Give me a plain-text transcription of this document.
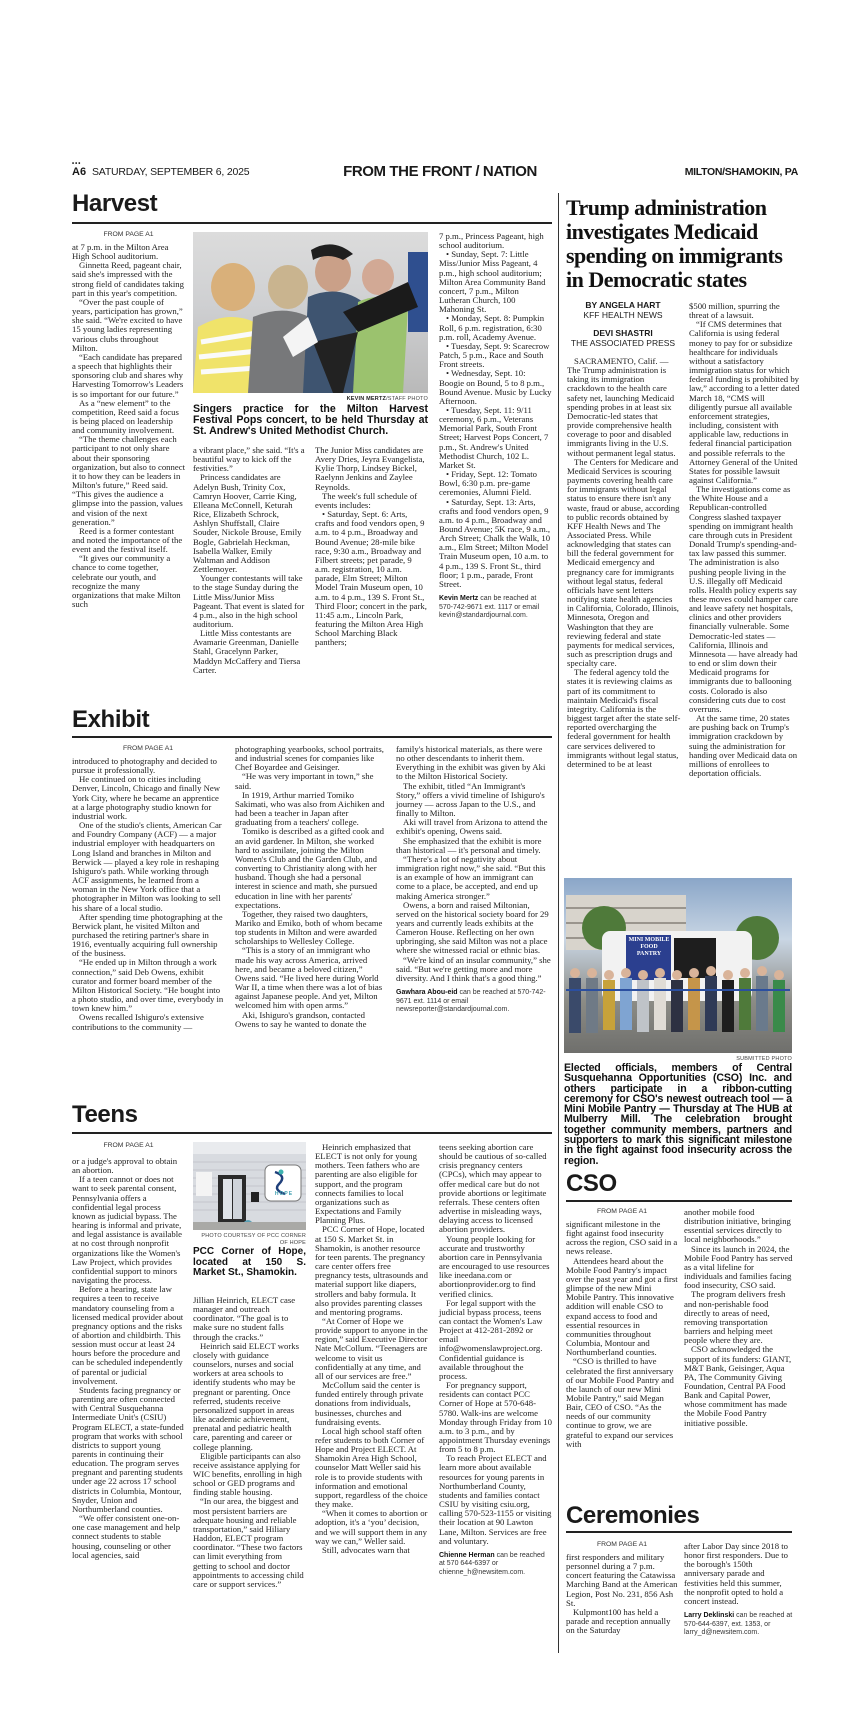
•••
A6 SATURDAY, SEPTEMBER 6, 2025	FROM THE FRONT / NATION	MILTON/SHAMOKIN, PA
Harvest
FROM PAGE A1
KEVIN MERTZ/STAFF PHOTO
Singers practice for the Milton Harvest Festival Pops concert, to be held Thursday at St. Andrew's United Methodist Church.

at 7 p.m. in the Milton Area High School auditorium.

Ginnetta Reed, pageant chair, said she's impressed with the strong field of candidates taking part in this year's competition.

“Over the past couple of years, participation has grown,” she said. “We're excited to have 15 young ladies representing various clubs throughout Milton.

“Each candidate has prepared a speech that highlights their sponsoring club and shares why Harvesting Tomorrow's Leaders is so important for our future.”

As a “new element” to the competition, Reed said a focus is being placed on leadership and community involvement.

“The theme challenges each participant to not only share about their sponsoring organization, but also to connect it to how they can be leaders in Milton's future,” Reed said. “This gives the audience a glimpse into the passion, values and vision of the next generation.”

Reed is a former contestant and noted the importance of the event and the festival itself.

“It gives our community a chance to come together, celebrate our youth, and recognize the many organizations that make Milton such

a vibrant place,” she said. “It's a beautiful way to kick off the festivities.”

Princess candidates are Adelyn Bush, Trinity Cox, Camryn Hoover, Carrie King, Elleana McConnell, Keturah Rice, Elizabeth Schrock, Ashlyn Shuffstall, Claire Souder, Nickole Brouse, Emily Bogle, Gabrielah Heckman, Isabella Walker, Emily Waltman and Addison Zettlemoyer.

Younger contestants will take to the stage Sunday during the Little Miss/Junior Miss Pageant. That event is slated for 4 p.m., also in the high school auditorium.

Little Miss contestants are Avamarie Greenman, Danielle Stahl, Gracelynn Parker, Maddyn McCaffery and Tiersa Carter.

The Junior Miss candidates are Avery Dries, Jeyra Evangelista, Kylie Thorp, Lindsey Bickel, Raelynn Jenkins and Zaylee Reynolds.

The week's full schedule of events includes:

• Saturday, Sept. 6: Arts, crafts and food vendors open, 9 a.m. to 4 p.m., Broadway and Bound Avenue; 28-mile bike race, 9:30 a.m., Broadway and Filbert streets; pet parade, 9 a.m. registration, 10 a.m. parade, Elm Street; Milton Model Train Museum open, 10 a.m. to 4 p.m., 139 S. Front St., Third Floor; concert in the park, 11:45 a.m., Lincoln Park, featuring the Milton Area High School Marching Black panthers;

7 p.m., Princess Pageant, high school auditorium.

• Sunday, Sept. 7: Little Miss/Junior Miss Pageant, 4 p.m., high school auditorium; Milton Area Community Band concert, 7 p.m., Milton Lutheran Church, 100 Mahoning St.

• Monday, Sept. 8: Pumpkin Roll, 6 p.m. registration, 6:30 p.m. roll, Academy Avenue.

• Tuesday, Sept. 9: Scarecrow Patch, 5 p.m., Race and South Front streets.

• Wednesday, Sept. 10: Boogie on Bound, 5 to 8 p.m., Bound Avenue. Music by Lucky Afternoon.

• Tuesday, Sept. 11: 9/11 ceremony, 6 p.m., Veterans Memorial Park, South Front Street; Harvest Pops Concert, 7 p.m., St. Andrew's United Methodist Church, 102 L. Market St.

• Friday, Sept. 12: Tomato Bowl, 6:30 p.m. pre-game ceremonies, Alumni Field.

• Saturday, Sept. 13: Arts, crafts and food vendors open, 9 a.m. to 4 p.m., Broadway and Bound Avenue; 5K race, 9 a.m., Arch Street; Chalk the Walk, 10 a.m., Elm Street; Milton Model Train Museum open, 10 a.m. to 4 p.m., 139 S. Front St., third floor; 1 p.m., parade, Front Street.

Kevin Mertz can be reached at 570-742-9671 ext. 1117 or email kevin@standardjournal.com.
Exhibit
FROM PAGE A1

introduced to photography and decided to pursue it professionally.

He continued on to cities including Denver, Lincoln, Chicago and finally New York City, where he became an apprentice at a large photography studio known for industrial work.

One of the studio's clients, American Car and Foundry Company (ACF) — a major industrial employer with headquarters on Long Island and branches in Milton and Berwick — played a key role in reshaping Ishiguro's path. While working through ACF assignments, he learned from a woman in the New York office that a photographer in Milton was looking to sell his share of a local studio.

After spending time photographing at the Berwick plant, he visited Milton and purchased the retiring partner's share in 1916, eventually acquiring full ownership of the business.

“He ended up in Milton through a work connection,” said Deb Owens, exhibit curator and former board member of the Milton Historical Society. “He bought into a photo studio, and over time, everybody in town knew him.”

Owens recalled Ishiguro's extensive contributions to the community —

photographing yearbooks, school portraits, and industrial scenes for companies like Chef Boyardee and Geisinger.

“He was very important in town,” she said.

In 1919, Arthur married Tomiko Sakimati, who was also from Aichiken and had been a teacher in Japan after graduating from a teachers' college.

Tomiko is described as a gifted cook and an avid gardener. In Milton, she worked hard to assimilate, joining the Milton Women's Club and the Garden Club, and converting to Christianity along with her husband. Though she had a personal interest in science and math, she pursued education in line with her parents' expectations.

Together, they raised two daughters, Mariko and Emiko, both of whom became top students in Milton and were awarded scholarships to Wellesley College.

“This is a story of an immigrant who made his way across America, arrived here, and became a beloved citizen,” Owens said. “He lived here during World War II, a time when there was a lot of bias against Japanese people. And yet, Milton welcomed him with open arms.”

Aki, Ishiguro's grandson, contacted Owens to say he wanted to donate the

family's historical materials, as there were no other descendants to inherit them. Everything in the exhibit was given by Aki to the Milton Historical Society.

The exhibit, titled “An Immigrant's Story,” offers a vivid timeline of Ishiguro's journey — across Japan to the U.S., and finally to Milton.

Aki will travel from Arizona to attend the exhibit's opening, Owens said.

She emphasized that the exhibit is more than historical — it's personal and timely.

“There's a lot of negativity about immigration right now,” she said. “But this is an example of how an immigrant can come to a place, be accepted, and end up making America stronger.”

Owens, a born and raised Miltonian, served on the historical society board for 29 years and currently leads exhibits at the Cameron House. Reflecting on her own upbringing, she said Milton was not a place where she witnessed racial or ethnic bias.

“We're kind of an insular community,” she said. “But we're getting more and more diversity. And I think that's a good thing.”

Gawhara Abou-eid can be reached at 570-742-9671 ext. 1114 or email newsreporter@standardjournal.com.
Teens
FROM PAGE A1
HOPE
PHOTO COURTESY OF PCC CORNER OF HOPE
PCC Corner of Hope, located at 150 S. Market St., Shamokin.

or a judge's approval to obtain an abortion.

If a teen cannot or does not want to seek parental consent, Pennsylvania offers a confidential legal process known as judicial bypass. The hearing is informal and private, and legal assistance is available at no cost through nonprofit organizations like the Women's Law Project, which provides confidential support to minors navigating the process.

Before a hearing, state law requires a teen to receive mandatory counseling from a licensed medical provider about pregnancy options and the risks of abortion and childbirth. This session must occur at least 24 hours before the procedure and can be scheduled independently of parental or judicial involvement.

Students facing pregnancy or parenting are often connected with Central Susquehanna Intermediate Unit's (CSIU) Program ELECT, a state-funded program that works with school districts to support young parents in continuing their education. The program serves pregnant and parenting students under age 22 across 17 school districts in Columbia, Montour, Snyder, Union and Northumberland counties.

“We offer consistent one-on-one case management and help connect students to stable housing, counseling or other local agencies, said

Jillian Heinrich, ELECT case manager and outreach coordinator. “The goal is to make sure no student falls through the cracks.”

Heinrich said ELECT works closely with guidance counselors, nurses and social workers at area schools to identify students who may be pregnant or parenting. Once referred, students receive personalized support in areas like academic achievement, prenatal and pediatric health care, parenting and career or college planning.

Eligible participants can also receive assistance applying for WIC benefits, enrolling in high school or GED programs and finding stable housing.

“In our area, the biggest and most persistent barriers are adequate housing and reliable transportation,” said Hiliary Haddon, ELECT program coordinator. “These two factors can limit everything from getting to school and doctor appointments to accessing child care or support services.”

Heinrich emphasized that ELECT is not only for young mothers. Teen fathers who are parenting are also eligible for support, and the program connects families to local organizations such as Expectations and Family Planning Plus.

PCC Corner of Hope, located at 150 S. Market St. in Shamokin, is another resource for teen parents. The pregnancy care center offers free pregnancy tests, ultrasounds and material support like diapers, strollers and baby formula. It also provides parenting classes and mentoring programs.

“At Corner of Hope we provide support to anyone in the region,” said Executive Director Nate McCollum. “Teenagers are welcome to visit us confidentially at any time, and all of our services are free.”

McCollum said the center is funded entirely through private donations from individuals, businesses, churches and fundraising events.

Local high school staff often refer students to both Corner of Hope and Project ELECT. At Shamokin Area High School, counselor Matt Weller said his role is to provide students with information and emotional support, regardless of the choice they make.

“When it comes to abortion or adoption, it's a ‘you’ decision, and we will support them in any way we can,” Weller said.

Still, advocates warn that

teens seeking abortion care should be cautious of so-called crisis pregnancy centers (CPCs), which may appear to offer medical care but do not provide abortions or legitimate referrals. These centers often advertise in misleading ways, delaying access to licensed abortion providers.

Young people looking for accurate and trustworthy abortion care in Pennsylvania are encouraged to use resources like ineedana.com or abortionprovider.org to find verified clinics.

For legal support with the judicial bypass process, teens can contact the Women's Law Project at 412-281-2892 or email info@womenslawproject.org. Confidential guidance is available throughout the process.

For pregnancy support, residents can contact PCC Corner of Hope at 570-648-5780. Walk-ins are welcome Monday through Friday from 10 a.m. to 3 p.m., and by appointment Thursday evenings from 5 to 8 p.m.

To reach Project ELECT and learn more about available resources for young parents in Northumberland County, students and families contact CSIU by visiting csiu.org, calling 570-523-1155 or visiting their location at 90 Lawton Lane, Milton. Services are free and voluntary.

Chienne Herman can be reached at 570 644-6397 or chienne_h@newsitem.com.
Trump administration investigates Medicaid spending on immigrants in Democratic states
BY ANGELA HART
KFF HEALTH NEWS
DEVI SHASTRI
THE ASSOCIATED PRESS

SACRAMENTO, Calif. — The Trump administration is taking its immigration crackdown to the health care safety net, launching Medicaid spending probes in at least six Democratic-led states that provide comprehensive health coverage to poor and disabled immigrants living in the U.S. without permanent legal status.

The Centers for Medicare and Medicaid Services is scouring payments covering health care for immigrants without legal status to ensure there isn't any waste, fraud or abuse, according to public records obtained by KFF Health News and The Associated Press. While acknowledging that states can bill the federal government for Medicaid emergency and pregnancy care for immigrants without legal status, federal officials have sent letters notifying state health agencies in California, Colorado, Illinois, Minnesota, Oregon and Washington that they are reviewing federal and state payments for medical services, such as prescription drugs and specialty care.

The federal agency told the states it is reviewing claims as part of its commitment to maintain Medicaid's fiscal integrity. California is the biggest target after the state self-reported overcharging the federal government for health care services delivered to immigrants without legal status, determined to be at least

$500 million, spurring the threat of a lawsuit.

“If CMS determines that California is using federal money to pay for or subsidize healthcare for individuals without a satisfactory immigration status for which federal funding is prohibited by law,” according to a letter dated March 18, “CMS will diligently pursue all available enforcement strategies, including, consistent with applicable law, reductions in federal financial participation and possible referrals to the Attorney General of the United States for possible lawsuit against California.”

The investigations come as the White House and a Republican-controlled Congress slashed taxpayer spending on immigrant health care through cuts in President Donald Trump's spending-and-tax law passed this summer. The administration is also pushing people living in the U.S. illegally off Medicaid rolls. Health policy experts say these moves could hamper care and leave safety net hospitals, clinics and other providers financially vulnerable. Some Democratic-led states — California, Illinois and Minnesota — have already had to end or slim down their Medicaid programs for immigrants due to ballooning costs. Colorado is also considering cuts due to cost overruns.

At the same time, 20 states are pushing back on Trump's immigration crackdown by suing the administration for handing over Medicaid data on millions of enrollees to deportation officials.

MINI MOBILE FOOD PANTRY
SUBMITTED PHOTO
Elected officials, members of Central Susquehanna Opportunities (CSO) Inc. and others participate in a ribbon-cutting ceremony for CSO's newest outreach tool — a Mini Mobile Pantry — Thursday at The HUB at Mulberry Mill. The celebration brought together community members, partners and supporters to mark this significant milestone in the fight against food insecurity across the region.
CSO
FROM PAGE A1

significant milestone in the fight against food insecurity across the region, CSO said in a news release.

Attendees heard about the Mobile Food Pantry's impact over the past year and got a first glimpse of the new Mini Mobile Pantry. This innovative addition will enable CSO to expand access to food and essential resources in communities throughout Columbia, Montour and Northumberland counties.

“CSO is thrilled to have celebrated the first anniversary of our Mobile Food Pantry and the launch of our new Mini Mobile Pantry,” said Megan Bair, CEO of CSO. “As the needs of our community continue to grow, we are grateful to expand our services with

another mobile food distribution initiative, bringing essential services directly to local neighborhoods.”

Since its launch in 2024, the Mobile Food Pantry has served as a vital lifeline for individuals and families facing food insecurity, CSO said.

The program delivers fresh and non-perishable food directly to areas of need, removing transportation barriers and helping meet people where they are.

CSO acknowledged the support of its funders: GIANT, M&T Bank, Geisinger, Aqua PA, The Community Giving Foundation, Central PA Food Bank and Capital Power, whose commitment has made the Mobile Food Pantry initiative possible.

Ceremonies
FROM PAGE A1

first responders and military personnel during a 7 p.m. concert featuring the Catawissa Marching Band at the American Legion, Post No. 231, 856 Ash St.

Kulpmont100 has held a parade and reception annually on the Saturday

after Labor Day since 2018 to honor first responders. Due to the borough's 150th anniversary parade and festivities held this summer, the nonprofit opted to hold a concert instead.

Larry Deklinski can be reached at 570-644-6397, ext. 1353, or larry_d@newsitem.com.
